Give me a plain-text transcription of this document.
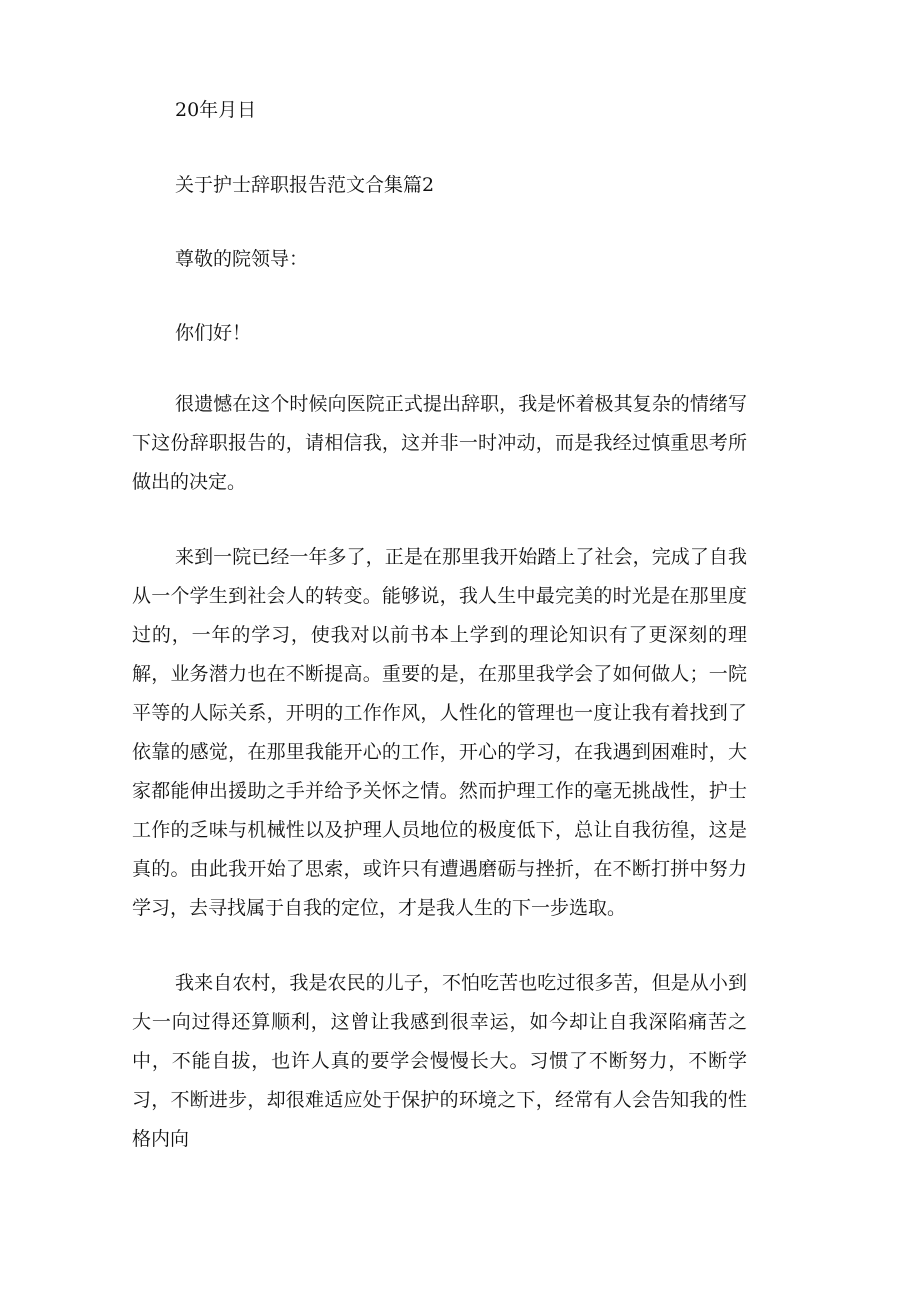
20年月日

关于护士辞职报告范文合集篇2

尊敬的院领导：

你们好！

很遗憾在这个时候向医院正式提出辞职，我是怀着极其复杂的情绪写下这份辞职报告的，请相信我，这并非一时冲动，而是我经过慎重思考所做出的决定。

来到一院已经一年多了，正是在那里我开始踏上了社会，完成了自我从一个学生到社会人的转变。能够说，我人生中最完美的时光是在那里度过的，一年的学习，使我对以前书本上学到的理论知识有了更深刻的理解，业务潜力也在不断提高。重要的是，在那里我学会了如何做人；一院平等的人际关系，开明的工作作风，人性化的管理也一度让我有着找到了依靠的感觉，在那里我能开心的工作，开心的学习，在我遇到困难时，大家都能伸出援助之手并给予关怀之情。然而护理工作的毫无挑战性，护士工作的乏味与机械性以及护理人员地位的极度低下，总让自我彷徨，这是真的。由此我开始了思索，或许只有遭遇磨砺与挫折，在不断打拼中努力学习，去寻找属于自我的定位，才是我人生的下一步选取。

我来自农村，我是农民的儿子，不怕吃苦也吃过很多苦，但是从小到大一向过得还算顺利，这曾让我感到很幸运，如今却让自我深陷痛苦之中，不能自拔，也许人真的要学会慢慢长大。习惯了不断努力，不断学习，不断进步，却很难适应处于保护的环境之下，经常有人会告知我的性格内向
